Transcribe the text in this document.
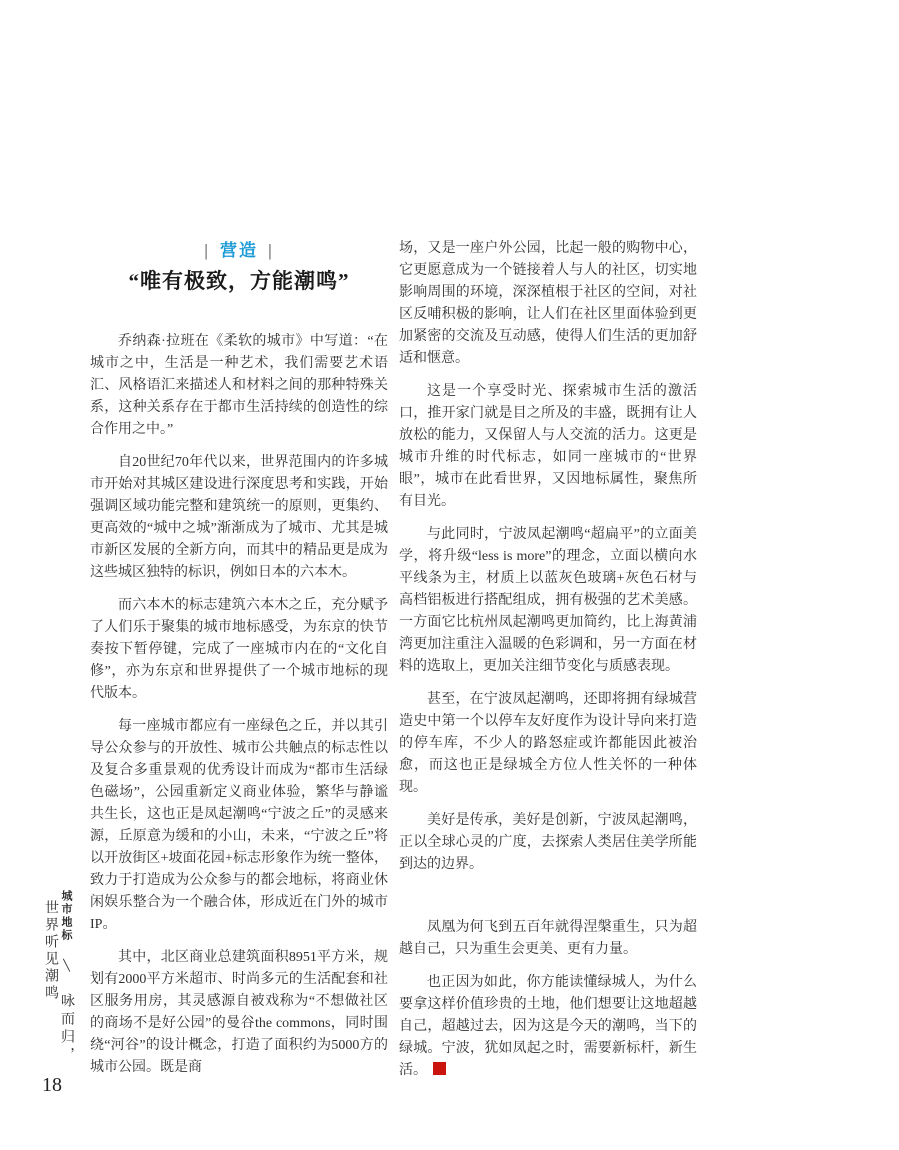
| 营造 |
“唯有极致，方能潮鸣”

乔纳森·拉班在《柔软的城市》中写道：“在城市之中，生活是一种艺术，我们需要艺术语汇、风格语汇来描述人和材料之间的那种特殊关系，这种关系存在于都市生活持续的创造性的综合作用之中。”

自20世纪70年代以来，世界范围内的许多城市开始对其城区建设进行深度思考和实践，开始强调区域功能完整和建筑统一的原则，更集约、更高效的“城中之城”渐渐成为了城市、尤其是城市新区发展的全新方向，而其中的精品更是成为这些城区独特的标识，例如日本的六本木。

而六本木的标志建筑六本木之丘，充分赋予了人们乐于聚集的城市地标感受，为东京的快节奏按下暂停键，完成了一座城市内在的“文化自修”，亦为东京和世界提供了一个城市地标的现代版本。

每一座城市都应有一座绿色之丘，并以其引导公众参与的开放性、城市公共触点的标志性以及复合多重景观的优秀设计而成为“都市生活绿色磁场”，公园重新定义商业体验，繁华与静谧共生长，这也正是凤起潮鸣“宁波之丘”的灵感来源，丘原意为缓和的小山，未来，“宁波之丘”将以开放街区+坡面花园+标志形象作为统一整体，致力于打造成为公众参与的都会地标，将商业休闲娱乐整合为一个融合体，形成近在门外的城市IP。

其中，北区商业总建筑面积8951平方米，规划有2000平方米超市、时尚多元的生活配套和社区服务用房，其灵感源自被戏称为“不想做社区的商场不是好公园”的曼谷the commons，同时围绕“河谷”的设计概念，打造了面积约为5000方的城市公园。既是商

场，又是一座户外公园，比起一般的购物中心，它更愿意成为一个链接着人与人的社区，切实地影响周围的环境，深深植根于社区的空间，对社区反哺积极的影响，让人们在社区里面体验到更加紧密的交流及互动感，使得人们生活的更加舒适和惬意。

这是一个享受时光、探索城市生活的激活口，推开家门就是目之所及的丰盛，既拥有让人放松的能力，又保留人与人交流的活力。这更是城市升维的时代标志，如同一座城市的“世界眼”，城市在此看世界，又因地标属性，聚焦所有目光。

与此同时，宁波凤起潮鸣“超扁平”的立面美学，将升级“less is more”的理念，立面以横向水平线条为主，材质上以蓝灰色玻璃+灰色石材与高档铝板进行搭配组成，拥有极强的艺术美感。一方面它比杭州凤起潮鸣更加简约，比上海黄浦湾更加注重注入温暖的色彩调和，另一方面在材料的选取上，更加关注细节变化与质感表现。

甚至，在宁波凤起潮鸣，还即将拥有绿城营造史中第一个以停车友好度作为设计导向来打造的停车库，不少人的路怒症或许都能因此被治愈，而这也正是绿城全方位人性关怀的一种体现。

美好是传承，美好是创新，宁波凤起潮鸣，正以全球心灵的广度，去探索人类居住美学所能到达的边界。

凤凰为何飞到五百年就得涅槃重生，只为超越自己，只为重生会更美、更有力量。

也正因为如此，你方能读懂绿城人，为什么要拿这样价值珍贵的土地，他们想要让这地超越自己，超越过去，因为这是今天的潮鸣，当下的绿城。宁波，犹如凤起之时，需要新标杆，新生活。

城市地标 ╲ 咏而归， 世界听见潮鸣
18
